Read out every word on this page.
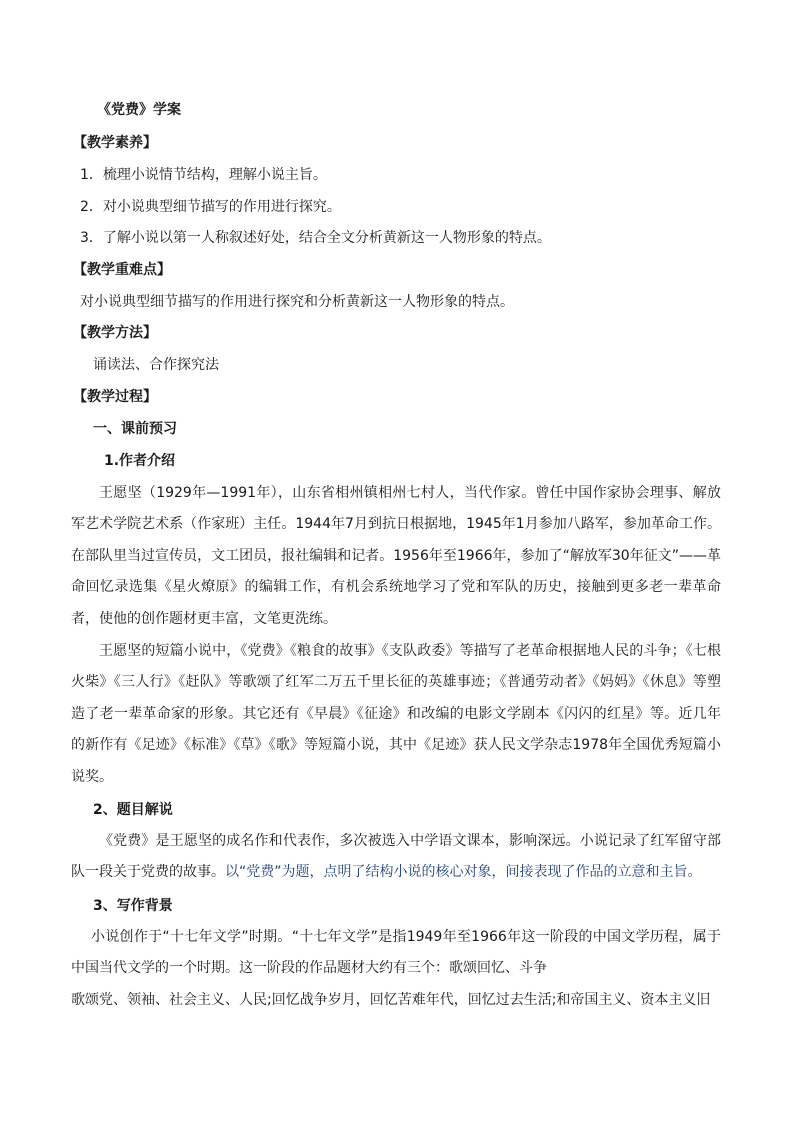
《党费》学案
【教学素养】
1．梳理小说情节结构，理解小说主旨。
2．对小说典型细节描写的作用进行探究。
3．了解小说以第一人称叙述好处，结合全文分析黄新这一人物形象的特点。
【教学重难点】
对小说典型细节描写的作用进行探究和分析黄新这一人物形象的特点。
【教学方法】
诵读法、合作探究法
【教学过程】
一、课前预习
1.作者介绍
王愿坚（1929年—1991年），山东省相州镇相州七村人，当代作家。曾任中国作家协会理事、解放军艺术学院艺术系（作家班）主任。1944年7月到抗日根据地，1945年1月参加八路军，参加革命工作。在部队里当过宣传员，文工团员，报社编辑和记者。1956年至1966年，参加了“解放军30年征文”——革命回忆录选集《星火燎原》的编辑工作，有机会系统地学习了党和军队的历史，接触到更多老一辈革命者，使他的创作题材更丰富，文笔更洗练。
王愿坚的短篇小说中，《党费》《粮食的故事》《支队政委》等描写了老革命根据地人民的斗争；《七根火柴》《三人行》《赶队》等歌颂了红军二万五千里长征的英雄事迹；《普通劳动者》《妈妈》《休息》等塑造了老一辈革命家的形象。其它还有《早晨》《征途》和改编的电影文学剧本《闪闪的红星》等。近几年的新作有《足迹》《标准》《草》《歌》等短篇小说，其中《足迹》获人民文学杂志1978年全国优秀短篇小说奖。
2、题目解说
《党费》是王愿坚的成名作和代表作，多次被选入中学语文课本，影响深远。小说记录了红军留守部队一段关于党费的故事。以“党费”为题，点明了结构小说的核心对象，间接表现了作品的立意和主旨。
3、写作背景
小说创作于“十七年文学”时期。“十七年文学”是指1949年至1966年这一阶段的中国文学历程，属于中国当代文学的一个时期。这一阶段的作品题材大约有三个：歌颂回忆、斗争
歌颂党、领袖、社会主义、人民;回忆战争岁月，回忆苦难年代，回忆过去生活;和帝国主义、资本主义旧
